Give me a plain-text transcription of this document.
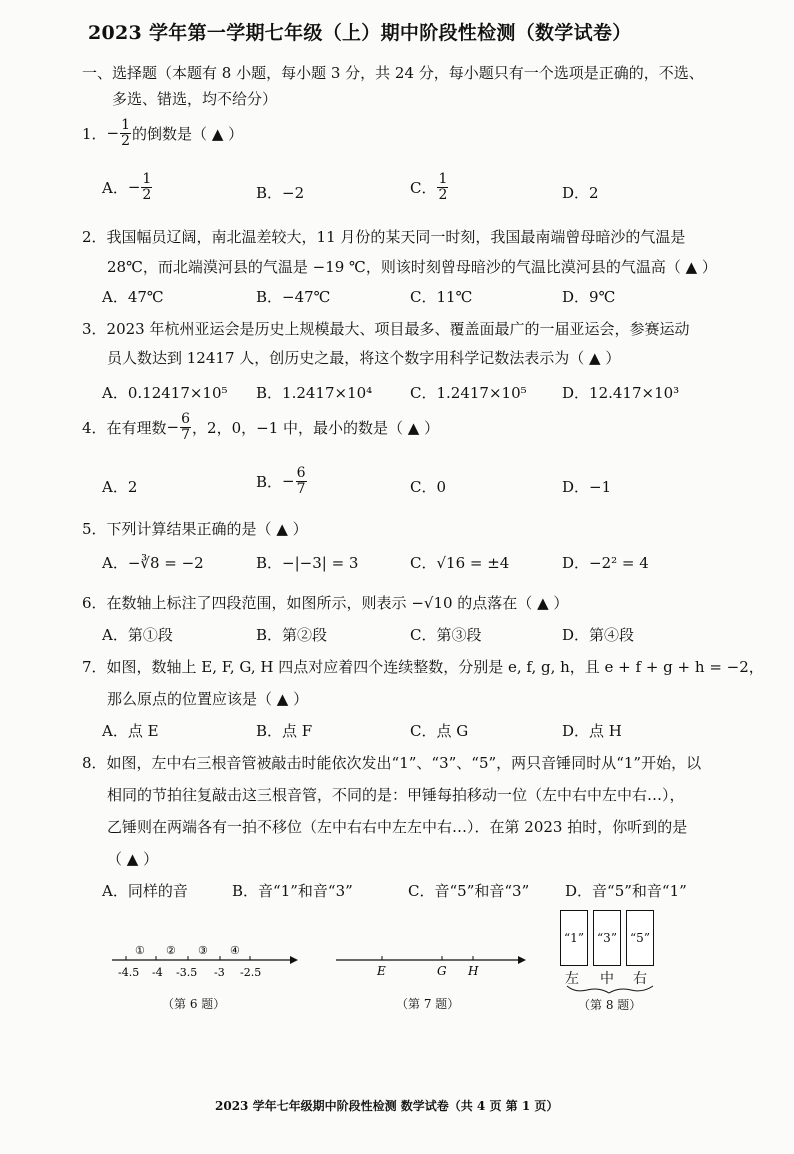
2023 学年第一学期七年级（上）期中阶段性检测（数学试卷）
一、选择题（本题有 8 小题，每小题 3 分，共 24 分，每小题只有一个选项是正确的，不选、
多选、错选，均不给分）
1． − $\frac{1}{2}$ 的倒数是（ ▲ ）
A． − $\frac{1}{2}$	B．−2	C． $\frac{1}{2}$	D．2
2．我国幅员辽阔，南北温差较大，11 月份的某天同一时刻，我国最南端曾母暗沙的气温是
28℃，而北端漠河县的气温是 −19 ℃，则该时刻曾母暗沙的气温比漠河县的气温高（ ▲ ）
A．47℃	B．−47℃	C．11℃	D．9℃
3．2023 年杭州亚运会是历史上规模最大、项目最多、覆盖面最广的一届亚运会，参赛运动
员人数达到 12417 人，创历史之最，将这个数字用科学记数法表示为（ ▲ ）
A．0.12417×10⁵ B．1.2417×10⁴	C．1.2417×10⁵ D．12.417×10³
4．在有理数 − $\frac{6}{7}$ ，2，0，−1 中，最小的数是（ ▲ ）
A．2	B． − $\frac{6}{7}$	C．0	D．−1
5．下列计算结果正确的是（ ▲ ）
A．−∛8 = −2	B．−|−3| = 3	C．√16 = ±4	D．−2² = 4
6．在数轴上标注了四段范围，如图所示，则表示 −√10 的点落在（ ▲ ）
A．第①段	B．第②段	C．第③段	D．第④段
7．如图，数轴上 E, F, G, H 四点对应着四个连续整数，分别是 e, f, g, h，且 e + f + g + h = −2，
那么原点的位置应该是（ ▲ ）
A．点 E	B．点 F	C．点 G	D．点 H
8．如图，左中右三根音管被敲击时能依次发出“1”、“3”、“5”，两只音锤同时从“1”开始，以
相同的节拍往复敲击这三根音管，不同的是：甲锤每拍移动一位（左中右中左中右…），
乙锤则在两端各有一拍不移位（左中右右中左左中右…）．在第 2023 拍时，你听到的是
（ ▲ ）
A．同样的音	B．音“1”和音“3”	C．音“5”和音“3” D．音“5”和音“1”
-4.5 -4 -3.5 -3 -2.5
① ② ③ ④
（第 6 题）
E	G H
（第 7 题）
“1”	“3”	“5”
左 中 右
（第 8 题）
2023 学年七年级期中阶段性检测 数学试卷（共 4 页 第 1 页）
